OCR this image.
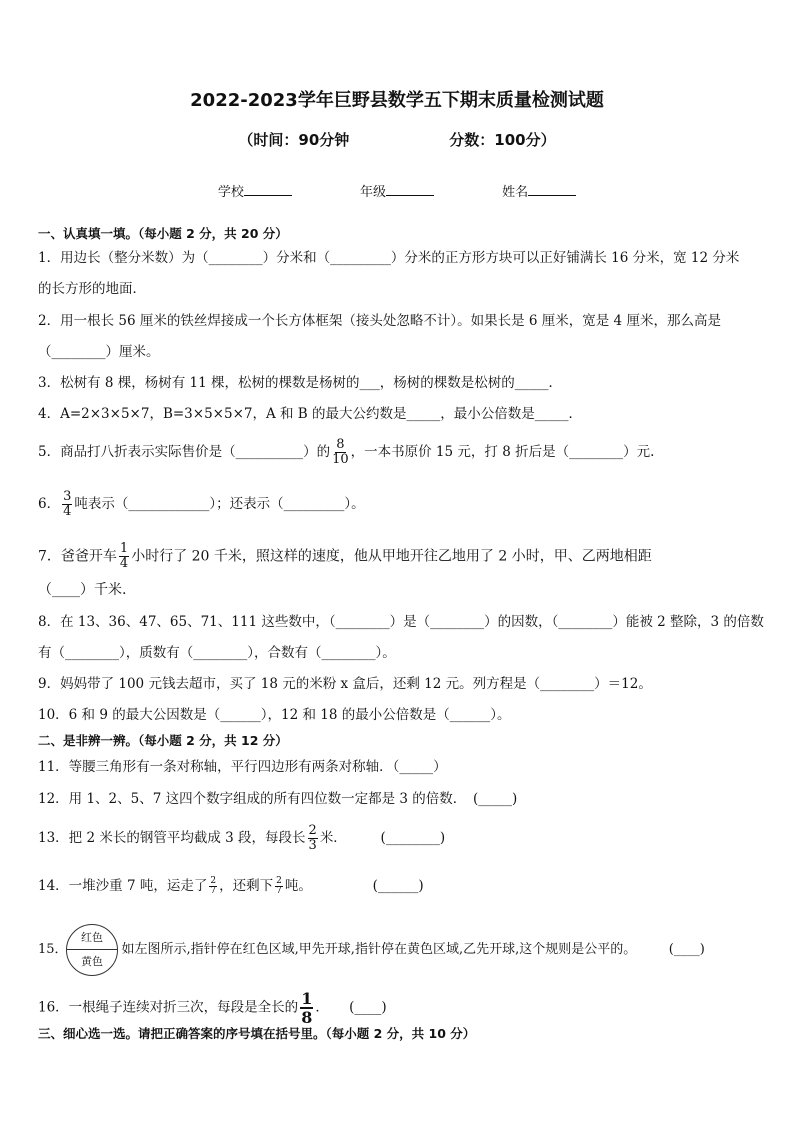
2022-2023学年巨野县数学五下期末质量检测试题
（时间：90分钟	分数：100分）
学校	年级	姓名
一、认真填一填。（每小题 2 分，共 20 分）
1．用边长（整分米数）为（________）分米和（_________）分米的正方形方块可以正好铺满长 16 分米，宽 12 分米
的长方形的地面．
2．用一根长 56 厘米的铁丝焊接成一个长方体框架（接头处忽略不计）。如果长是 6 厘米，宽是 4 厘米，那么高是
（________）厘米。
3．松树有 8 棵，杨树有 11 棵，松树的棵数是杨树的___，杨树的棵数是松树的_____．
4．A=2×3×5×7，B=3×5×5×7，A 和 B 的最大公约数是_____，最小公倍数是_____．
5．商品打八折表示实际售价是（__________）的 $\frac{8}{10}$ ，一本书原价 15 元，打 8 折后是（________）元.
6． $\frac{3}{4}$ 吨表示（____________）；还表示（_________）。
7．爸爸开车 $\frac{1}{4}$ 小时行了 20 千米，照这样的速度，他从甲地开往乙地用了 2 小时，甲、乙两地相距
（____）千米.
8．在 13、36、47、65、71、111 这些数中，（________）是（________）的因数，（________）能被 2 整除，3 的倍数
有（________），质数有（________），合数有（________）。
9．妈妈带了 100 元钱去超市，买了 18 元的米粉 x 盒后，还剩 12 元。列方程是（________）＝12。
10．6 和 9 的最大公因数是（______），12 和 18 的最小公倍数是（______）。
二、是非辨一辨。（每小题 2 分，共 12 分）
11．等腰三角形有一条对称轴，平行四边形有两条对称轴．（_____）
12．用 1、2、5、7 这四个数字组成的所有四位数一定都是 3 的倍数．　(_____)
13．把 2 米长的钢管平均截成 3 段，每段长 $\frac{2}{3}$ 米．　　　(________)
14．一堆沙重 7 吨，运走了 $\frac{2}{7}$ ，还剩下 $\frac{2}{7}$ 吨。　　　　　(______)
红色
黄色
15．	如左图所示,指针停在红色区域,甲先开球,指针停在黄色区域,乙先开球,这个规则是公平的。　　　(____)
16．一根绳子连续对折三次，每段是全长的 $\frac{1}{8}$ ．　　(____)
三、细心选一选。请把正确答案的序号填在括号里。（每小题 2 分，共 10 分）
